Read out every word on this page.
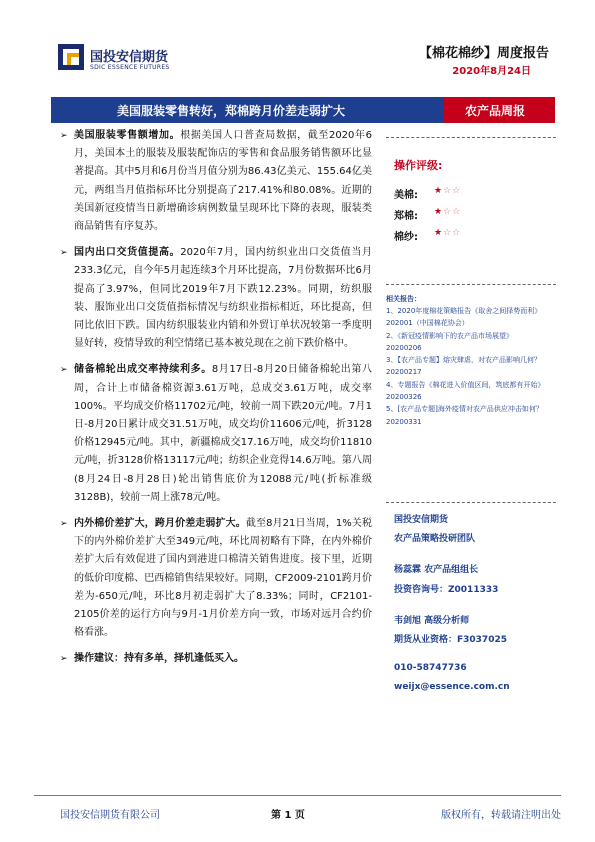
国投安信期货
SDIC ESSENCE FUTURES
【棉花棉纱】周度报告
2020年8月24日
美国服装零售转好，郑棉跨月价差走弱扩大	农产品周报
➢ 美国服装零售额增加。根据美国人口普查局数据，截至2020年6月，美国本土的服装及服装配饰店的零售和食品服务销售额环比显著提高。其中5月和6月份当月值分别为86.43亿美元、155.64亿美元，两组当月值指标环比分别提高了217.41%和80.08%。近期的美国新冠疫情当日新增确诊病例数量呈现环比下降的表现，服装类商品销售有序复苏。
➢ 国内出口交货值提高。2020年7月，国内纺织业出口交货值当月233.3亿元，自今年5月起连续3个月环比提高，7月份数据环比6月提高了3.97%，但同比2019年7月下跌12.23%。同期，纺织服装、服饰业出口交货值指标情况与纺织业指标相近，环比提高，但同比依旧下跌。国内纺织服装业内销和外贸订单状况较第一季度明显好转，疫情导致的利空情绪已基本被兑现在之前下跌价格中。
➢ 储备棉轮出成交率持续利多。8月17日-8月20日储备棉轮出第八周，合计上市储备棉资源3.61万吨，总成交3.61万吨，成交率100%。平均成交价格11702元/吨，较前一周下跌20元/吨。7月1日-8月20日累计成交31.51万吨，成交均价11606元/吨，折3128价格12945元/吨。其中，新疆棉成交17.16万吨，成交均价11810元/吨，折3128价格13117元/吨；纺织企业竞得14.6万吨。第八周(8月24日-8月28日)轮出销售底价为12088元/吨(折标准级3128B)，较前一周上涨78元/吨。
➢ 内外棉价差扩大，跨月价差走弱扩大。截至8月21日当周，1%关税下的内外棉价差扩大至349元/吨，环比周初略有下降，在内外棉价差扩大后有效促进了国内到港进口棉清关销售进度。接下里，近期的低价印度棉、巴西棉销售结果较好。同期，CF2009-2101跨月价差为-650元/吨，环比8月初走弱扩大了8.33%；同时，CF2101-2105价差的运行方向与9月-1月价差方向一致，市场对远月合约价格看涨。
➢ 操作建议：持有多单，择机逢低买入。
操作评级:
美棉: ★☆☆
郑棉: ★☆☆
棉纱: ★☆☆
相关报告：
1、2020年度棉花策略报告《取舍之间择势而利》202001（中国棉花协会）
2、《新冠疫情影响下的农产品市场展望》20200206
3、【农产品专题】熔灾肆虐，对农产品影响几何？20200217
4、专题报告《棉花进入价值区间，筑底都有开始》20200326
5、[农产品专题]海外疫情对农产品供应冲击如何？20200331
国投安信期货
农产品策略投研团队
杨蕊霖 农产品组组长
投资咨询号：Z0011333
韦剑旭 高级分析师
期货从业资格：F3037025
010-58747736
weijx@essence.com.cn
国投安信期货有限公司	第 1 页	版权所有，转载请注明出处
